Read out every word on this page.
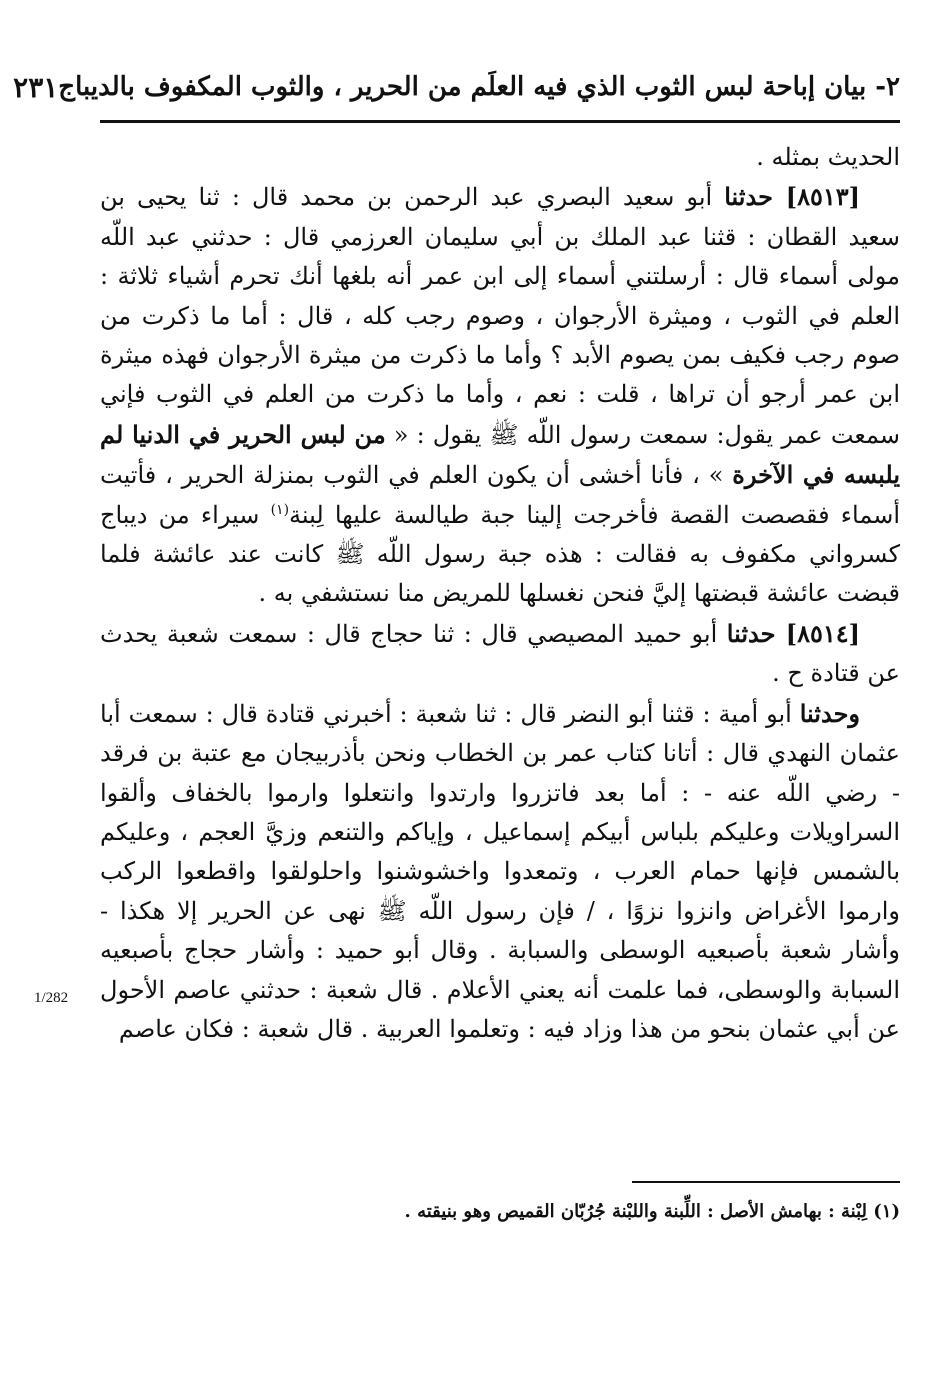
٢- بيان إباحة لبس الثوب الذي فيه العلَم من الحرير ، والثوب المكفوف بالديباج
٢٣١

الحديث بمثله .

[٨٥١٣] حدثنا أبو سعيد البصري عبد الرحمن بن محمد قال : ثنا يحيى بن سعيد القطان : قثنا عبد الملك بن أبي سليمان العرزمي قال : حدثني عبد اللّه مولى أسماء قال : أرسلتني أسماء إلى ابن عمر أنه بلغها أنك تحرم أشياء ثلاثة : العلم في الثوب ، وميثرة الأرجوان ، وصوم رجب كله ، قال : أما ما ذكرت من صوم رجب فكيف بمن يصوم الأبد ؟ وأما ما ذكرت من ميثرة الأرجوان فهذه ميثرة ابن عمر أرجو أن تراها ، قلت : نعم ، وأما ما ذكرت من العلم في الثوب فإني سمعت عمر يقول: سمعت رسول اللّه ﷺ يقول : « من لبس الحرير في الدنيا لم يلبسه في الآخرة » ، فأنا أخشى أن يكون العلم في الثوب بمنزلة الحرير ، فأتيت أسماء فقصصت القصة فأخرجت إلينا جبة طيالسة عليها لِبنة$^{(١)}$ سيراء من ديباج كسرواني مكفوف به فقالت : هذه جبة رسول اللّه ﷺ كانت عند عائشة فلما قبضت عائشة قبضتها إليَّ فنحن نغسلها للمريض منا نستشفي به .

[٨٥١٤] حدثنا أبو حميد المصيصي قال : ثنا حجاج قال : سمعت شعبة يحدث عن قتادة ح .

وحدثنا أبو أمية : قثنا أبو النضر قال : ثنا شعبة : أخبرني قتادة قال : سمعت أبا عثمان النهدي قال : أتانا كتاب عمر بن الخطاب ونحن بأذربيجان مع عتبة بن فرقد - رضي اللّه عنه - : أما بعد فاتزروا وارتدوا وانتعلوا وارموا بالخفاف وألقوا السراويلات وعليكم بلباس أبيكم إسماعيل ، وإياكم والتنعم وزيَّ العجم ، وعليكم بالشمس فإنها حمام العرب ، وتمعدوا واخشوشنوا واحلولقوا واقطعوا الركب وارموا الأغراض وانزوا نزوًا ، / فإن رسول اللّه ﷺ نهى عن الحرير إلا هكذا - وأشار شعبة بأصبعيه الوسطى والسبابة . وقال أبو حميد : وأشار حجاج بأصبعيه السبابة والوسطى، فما علمت أنه يعني الأعلام . قال شعبة : حدثني عاصم الأحول عن أبي عثمان بنحو من هذا وزاد فيه : وتعلموا العربية . قال شعبة : فكان عاصم

1/282
(١) لِبْنة : بهامش الأصل : اللِّبنة واللبْنة جُرُبّان القميص وهو بنيقته .
